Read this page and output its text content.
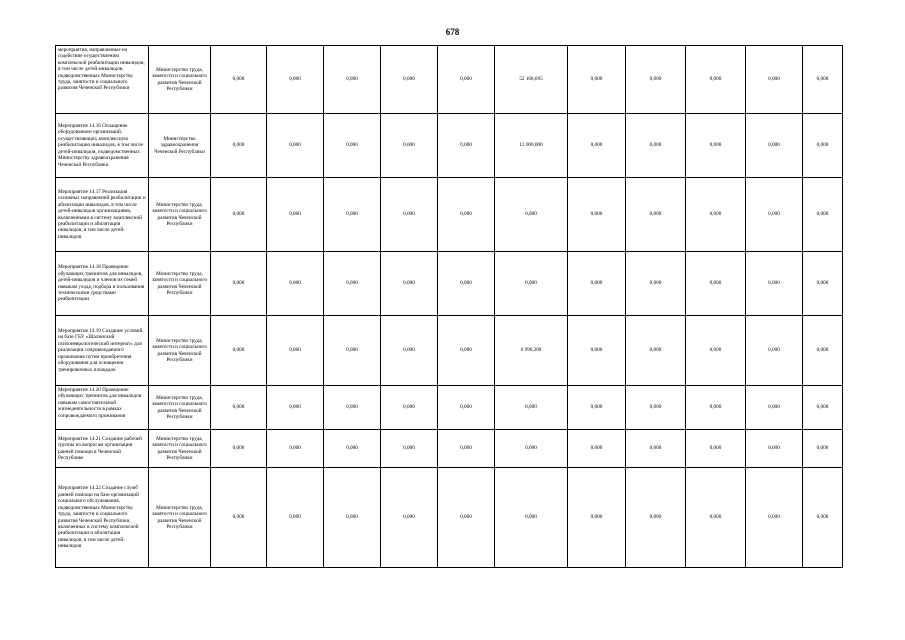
678
мероприятия, направленные на содействие осуществлению комплексной реабилитации инвалидов, в том числе детей-инвалидов, подведомственных Министерству труда, занятости и социального развития Чеченской Республики	Министерство труда, занятости и социального развития Чеченской Республики	0,000	0,000	0,000	0,000	0,000	52 168,695	0,000	0,000	0,000	0,000	0,000

Мероприятие 14.16 Оснащение оборудованием организаций, осуществляющих комплексную реабилитацию инвалидов, в том числе детей-инвалидов, подведомственных Министерству здравоохранения Чеченской Республики	Министерство здравоохранения Чеченской Республики	0,000	0,000	0,000	0,000	0,000	12 000,000	0,000	0,000	0,000	0,000	0,000

Мероприятие 14.17 Реализация основных направлений реабилитации и абилитации инвалидов, в том числе детей-инвалидов организациями, включенными в систему комплексной реабилитации и абилитации инвалидов, в том числе детей-инвалидов	Министерство труда, занятости и социального развития Чеченской Республики	0,000	0,000	0,000	0,000	0,000	0,000	0,000	0,000	0,000	0,000	0,000

Мероприятие 14.18 Проведение обучающих тренингов для инвалидов, детей-инвалидов и членов их семей навыкам ухода, подбора и пользования техническими средствами реабилитации	Министерство труда, занятости и социального развития Чеченской Республики	0,000	0,000	0,000	0,000	0,000	0,000	0,000	0,000	0,000	0,000	0,000

Мероприятие 14.19 Создание условий на базе ГБУ «Шалинский психоневрологический интернат» для реализации сопровождаемого проживания путем приобретения оборудования для оснащения тренировочных площадок	Министерство труда, занятости и социального развития Чеченской Республики	0,000	0,000	0,000	0,000	0,000	6 996,200	0,000	0,000	0,000	0,000	0,000

Мероприятие 14.20 Проведение обучающих тренингов для инвалидов навыкам самостоятельной жизнедеятельности в рамках сопровождаемого проживания	Министерство труда, занятости и социального развития Чеченской Республики	0,000	0,000	0,000	0,000	0,000	0,000	0,000	0,000	0,000	0,000	0,000

Мероприятие 14.21 Создание рабочей группы по вопросам организации ранней помощи в Чеченской Республике	Министерство труда, занятости и социального развития Чеченской Республики	0,000	0,000	0,000	0,000	0,000	0,000	0,000	0,000	0,000	0,000	0,000

Мероприятие 14.22 Создание служб ранней помощи на базе организаций социального обслуживания, подведомственных Министерству труда, занятости и социального развития Чеченской Республики, включенных в систему комплексной реабилитации и абилитации инвалидов, в том числе детей-инвалидов	Министерство труда, занятости и социального развития Чеченской Республики	0,000	0,000	0,000	0,000	0,000	0,000	0,000	0,000	0,000	0,000	0,000
